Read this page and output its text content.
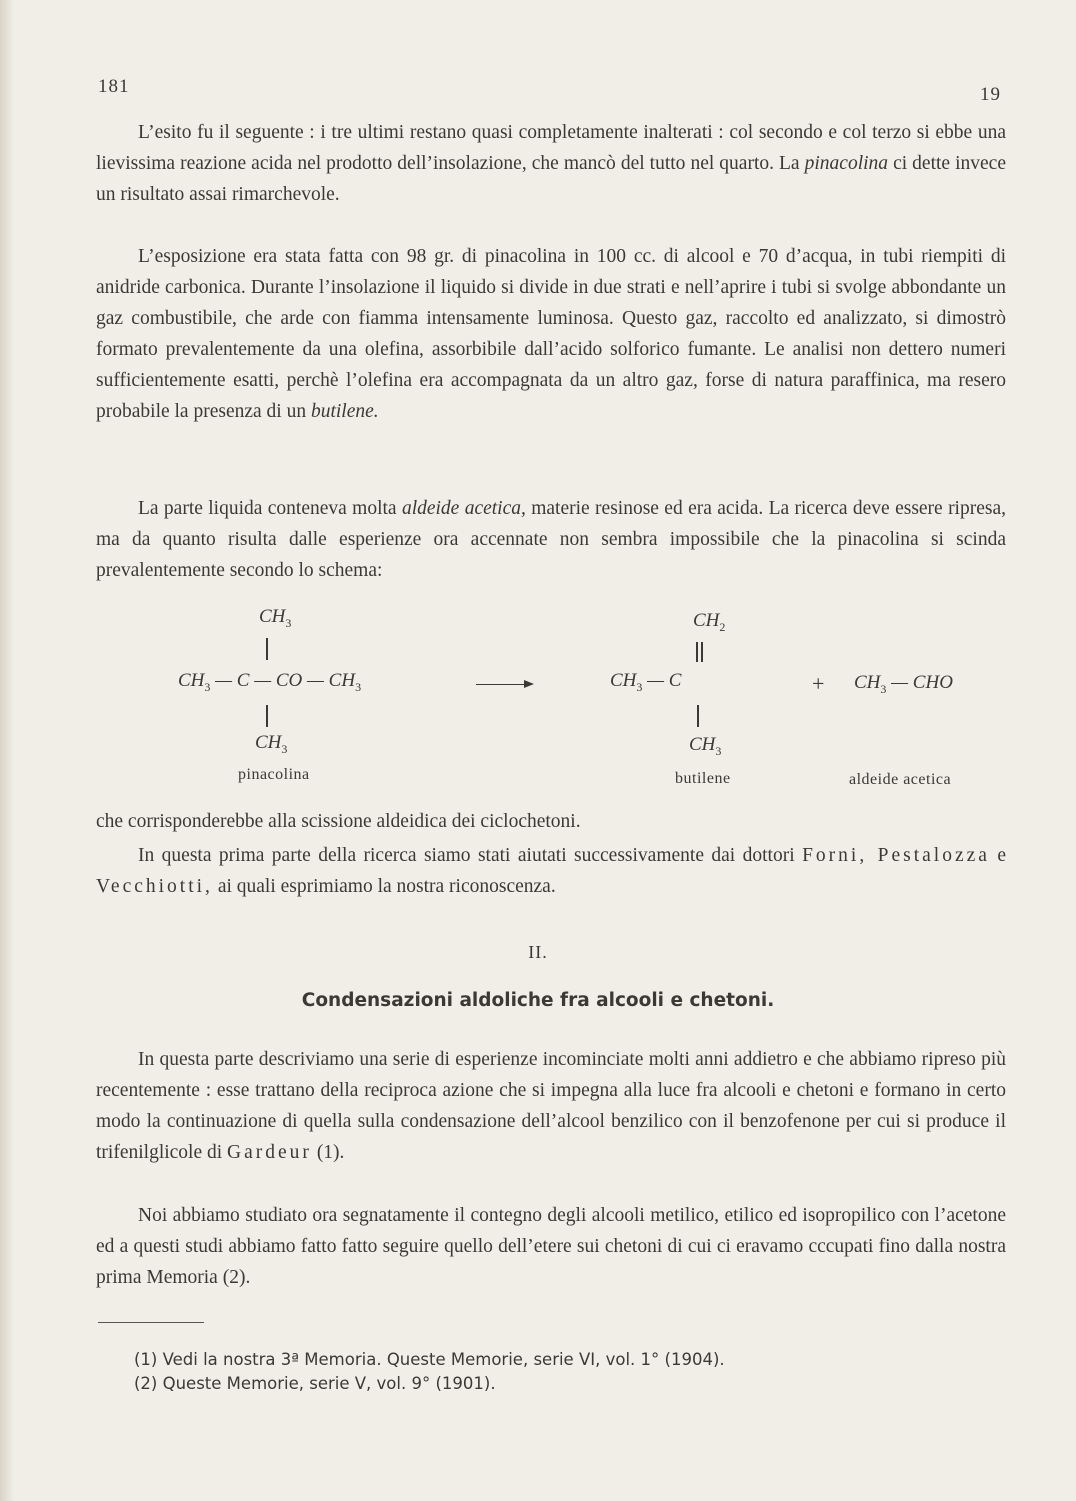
181	19

L’esito fu il seguente : i tre ultimi restano quasi completamente inalterati : col secondo e col terzo si ebbe una lievissima reazione acida nel prodotto dell’insolazione, che mancò del tutto nel quarto. La pinacolina ci dette invece un risultato assai rimarchevole.

L’esposizione era stata fatta con 98 gr. di pinacolina in 100 cc. di alcool e 70 d’acqua, in tubi riempiti di anidride carbonica. Durante l’insolazione il liquido si divide in due strati e nell’aprire i tubi si svolge abbondante un gaz combustibile, che arde con fiamma intensamente luminosa. Questo gaz, raccolto ed analizzato, si dimostrò formato prevalentemente da una olefina, assorbibile dall’acido solforico fumante. Le analisi non dettero numeri sufficientemente esatti, perchè l’olefina era accompagnata da un altro gaz, forse di natura paraffinica, ma resero probabile la presenza di un butilene.

La parte liquida conteneva molta aldeide acetica, materie resinose ed era acida. La ricerca deve essere ripresa, ma da quanto risulta dalle esperienze ora accennate non sembra impossibile che la pinacolina si scinda prevalentemente secondo lo schema:

$CH_3$
$CH_3$ — C — CO — $CH_3$
$CH_3$
pinacolina
$CH_2$
$CH_3$ — C
$CH_3$
butilene
+ $CH_3$ — CHO
aldeide acetica

che corrisponderebbe alla scissione aldeidica dei ciclochetoni.

In questa prima parte della ricerca siamo stati aiutati successivamente dai dottori Forni, Pestalozza e Vecchiotti, ai quali esprimiamo la nostra riconoscenza.

II.
Condensazioni aldoliche fra alcooli e chetoni.

In questa parte descriviamo una serie di esperienze incominciate molti anni addietro e che abbiamo ripreso più recentemente : esse trattano della reciproca azione che si impegna alla luce fra alcooli e chetoni e formano in certo modo la continuazione di quella sulla condensazione dell’alcool benzilico con il benzofenone per cui si produce il trifenilglicole di Gardeur (1).

Noi abbiamo studiato ora segnatamente il contegno degli alcooli metilico, etilico ed isopropilico con l’acetone ed a questi studi abbiamo fatto fatto seguire quello dell’etere sui chetoni di cui ci eravamo cccupati fino dalla nostra prima Memoria (2).

(1) Vedi la nostra 3ª Memoria. Queste Memorie, serie VI, vol. 1° (1904).
(2) Queste Memorie, serie V, vol. 9° (1901).
